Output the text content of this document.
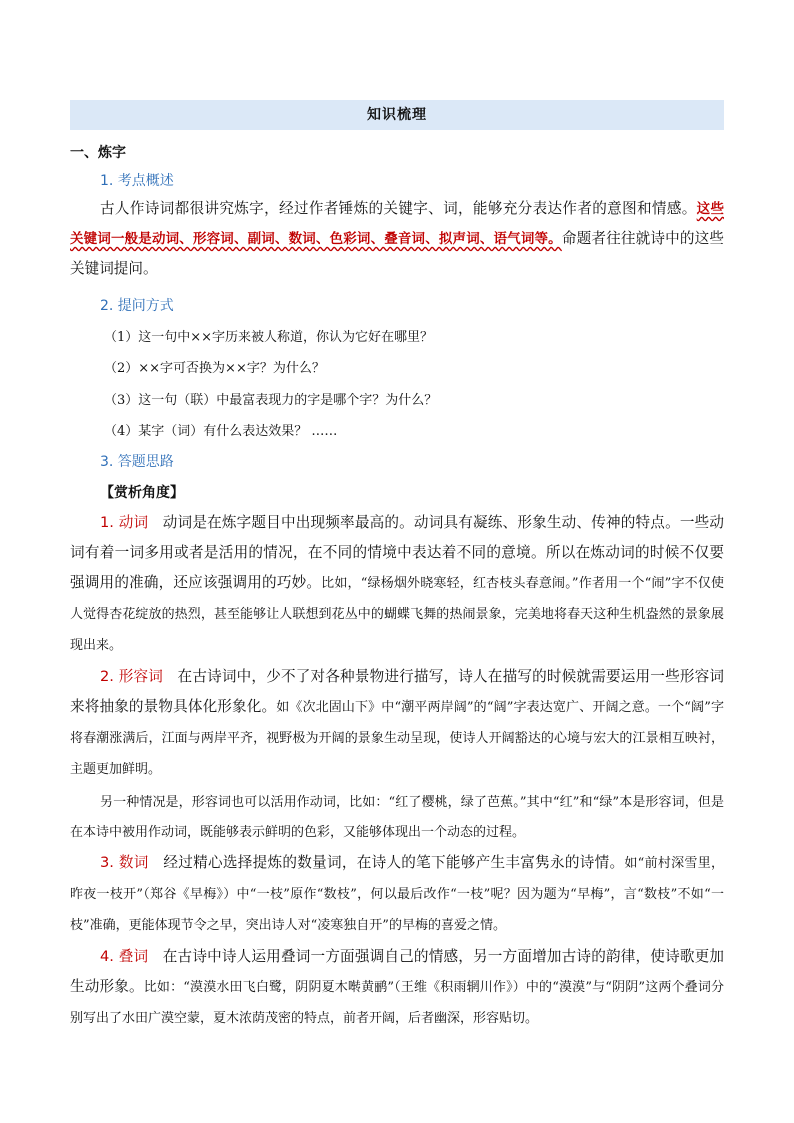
知识梳理
一、炼字
1. 考点概述
古人作诗词都很讲究炼字，经过作者锤炼的关键字、词，能够充分表达作者的意图和情感。这些关键词一般是动词、形容词、副词、数词、色彩词、叠音词、拟声词、语气词等。命题者往往就诗中的这些关键词提问。
2. 提问方式
（1）这一句中××字历来被人称道，你认为它好在哪里？
（2）××字可否换为××字？为什么？
（3）这一句（联）中最富表现力的字是哪个字？为什么？
（4）某字（词）有什么表达效果？ ……
3. 答题思路
【赏析角度】
1. 动词 动词是在炼字题目中出现频率最高的。动词具有凝练、形象生动、传神的特点。一些动词有着一词多用或者是活用的情况，在不同的情境中表达着不同的意境。所以在炼动词的时候不仅要强调用的准确，还应该强调用的巧妙。比如，“绿杨烟外晓寒轻，红杏枝头春意闹。”作者用一个“闹”字不仅使人觉得杏花绽放的热烈，甚至能够让人联想到花丛中的蝴蝶飞舞的热闹景象，完美地将春天这种生机盎然的景象展现出来。
2. 形容词 在古诗词中，少不了对各种景物进行描写，诗人在描写的时候就需要运用一些形容词来将抽象的景物具体化形象化。如《次北固山下》中“潮平两岸阔”的“阔”字表达宽广、开阔之意。一个“阔”字将春潮涨满后，江面与两岸平齐，视野极为开阔的景象生动呈现，使诗人开阔豁达的心境与宏大的江景相互映衬，主题更加鲜明。
另一种情况是，形容词也可以活用作动词，比如：“红了樱桃，绿了芭蕉。”其中“红”和“绿”本是形容词，但是在本诗中被用作动词，既能够表示鲜明的色彩，又能够体现出一个动态的过程。
3. 数词 经过精心选择提炼的数量词，在诗人的笔下能够产生丰富隽永的诗情。如“前村深雪里，昨夜一枝开”（郑谷《早梅》）中“一枝”原作“数枝”，何以最后改作“一枝”呢？因为题为“早梅”，言“数枝”不如“一枝”准确，更能体现节令之早，突出诗人对“凌寒独自开”的早梅的喜爱之情。
4. 叠词 在古诗中诗人运用叠词一方面强调自己的情感，另一方面增加古诗的韵律，使诗歌更加生动形象。比如：“漠漠水田飞白鹭，阴阴夏木啭黄鹂”（王维《积雨辋川作》）中的“漠漠”与“阴阴”这两个叠词分别写出了水田广漠空蒙，夏木浓荫茂密的特点，前者开阔，后者幽深，形容贴切。
